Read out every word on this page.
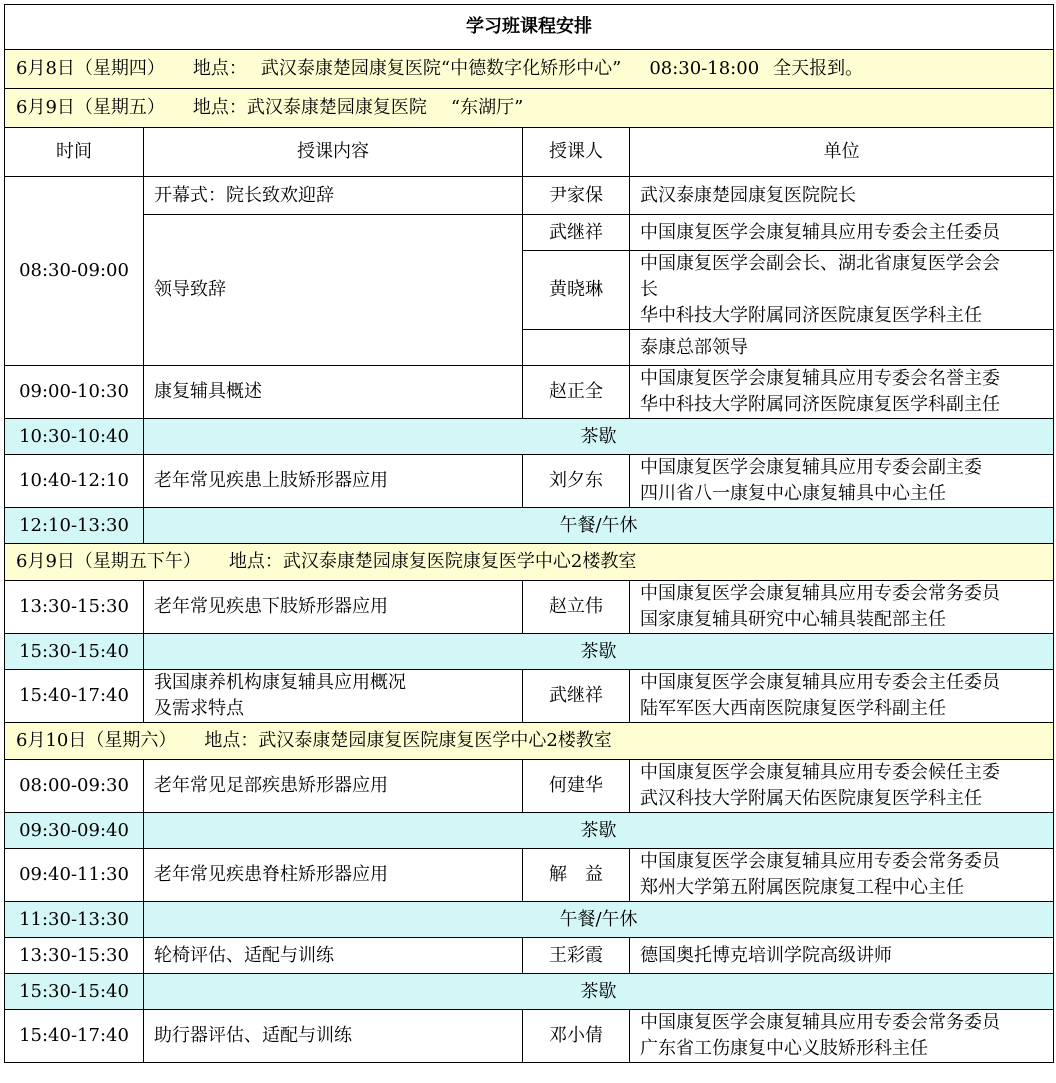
学习班课程安排			
6月8日（星期四） 地点： 武汉泰康楚园康复医院“中德数字化矫形中心” 08:30-18:00 全天报到。			
6月9日（星期五） 地点：武汉泰康楚园康复医院 “东湖厅”			
时间	授课内容	授课人	单位
08:30-09:00	开幕式：院长致欢迎辞	尹家保	武汉泰康楚园康复医院院长
	领导致辞	武继祥	中国康复医学会康复辅具应用专委会主任委员
		黄晓琳	中国康复医学会副会长、湖北省康复医学会会
长
华中科技大学附属同济医院康复医学科主任

			泰康总部领导
09:00-10:30	康复辅具概述	赵正全	中国康复医学会康复辅具应用专委会名誉主委
华中科技大学附属同济医院康复医学科副主任

10:30-10:40	茶歇		
10:40-12:10	老年常见疾患上肢矫形器应用	刘夕东	中国康复医学会康复辅具应用专委会副主委
四川省八一康复中心康复辅具中心主任

12:10-13:30	午餐/午休		
6月9日（星期五下午） 地点：武汉泰康楚园康复医院康复医学中心2楼教室			
13:30-15:30	老年常见疾患下肢矫形器应用	赵立伟	中国康复医学会康复辅具应用专委会常务委员
国家康复辅具研究中心辅具装配部主任

15:30-15:40	茶歇		
15:40-17:40	我国康养机构康复辅具应用概况
及需求特点	武继祥	中国康复医学会康复辅具应用专委会主任委员
陆军军医大西南医院康复医学科副主任

6月10日（星期六） 地点：武汉泰康楚园康复医院康复医学中心2楼教室			
08:00-09:30	老年常见足部疾患矫形器应用	何建华	中国康复医学会康复辅具应用专委会候任主委
武汉科技大学附属天佑医院康复医学科主任

09:30-09:40	茶歇		
09:40-11:30	老年常见疾患脊柱矫形器应用	解　益	中国康复医学会康复辅具应用专委会常务委员
郑州大学第五附属医院康复工程中心主任

11:30-13:30	午餐/午休		
13:30-15:30	轮椅评估、适配与训练	王彩霞	德国奥托博克培训学院高级讲师
15:30-15:40	茶歇		
15:40-17:40	助行器评估、适配与训练	邓小倩	中国康复医学会康复辅具应用专委会常务委员
广东省工伤康复中心义肢矫形科主任
